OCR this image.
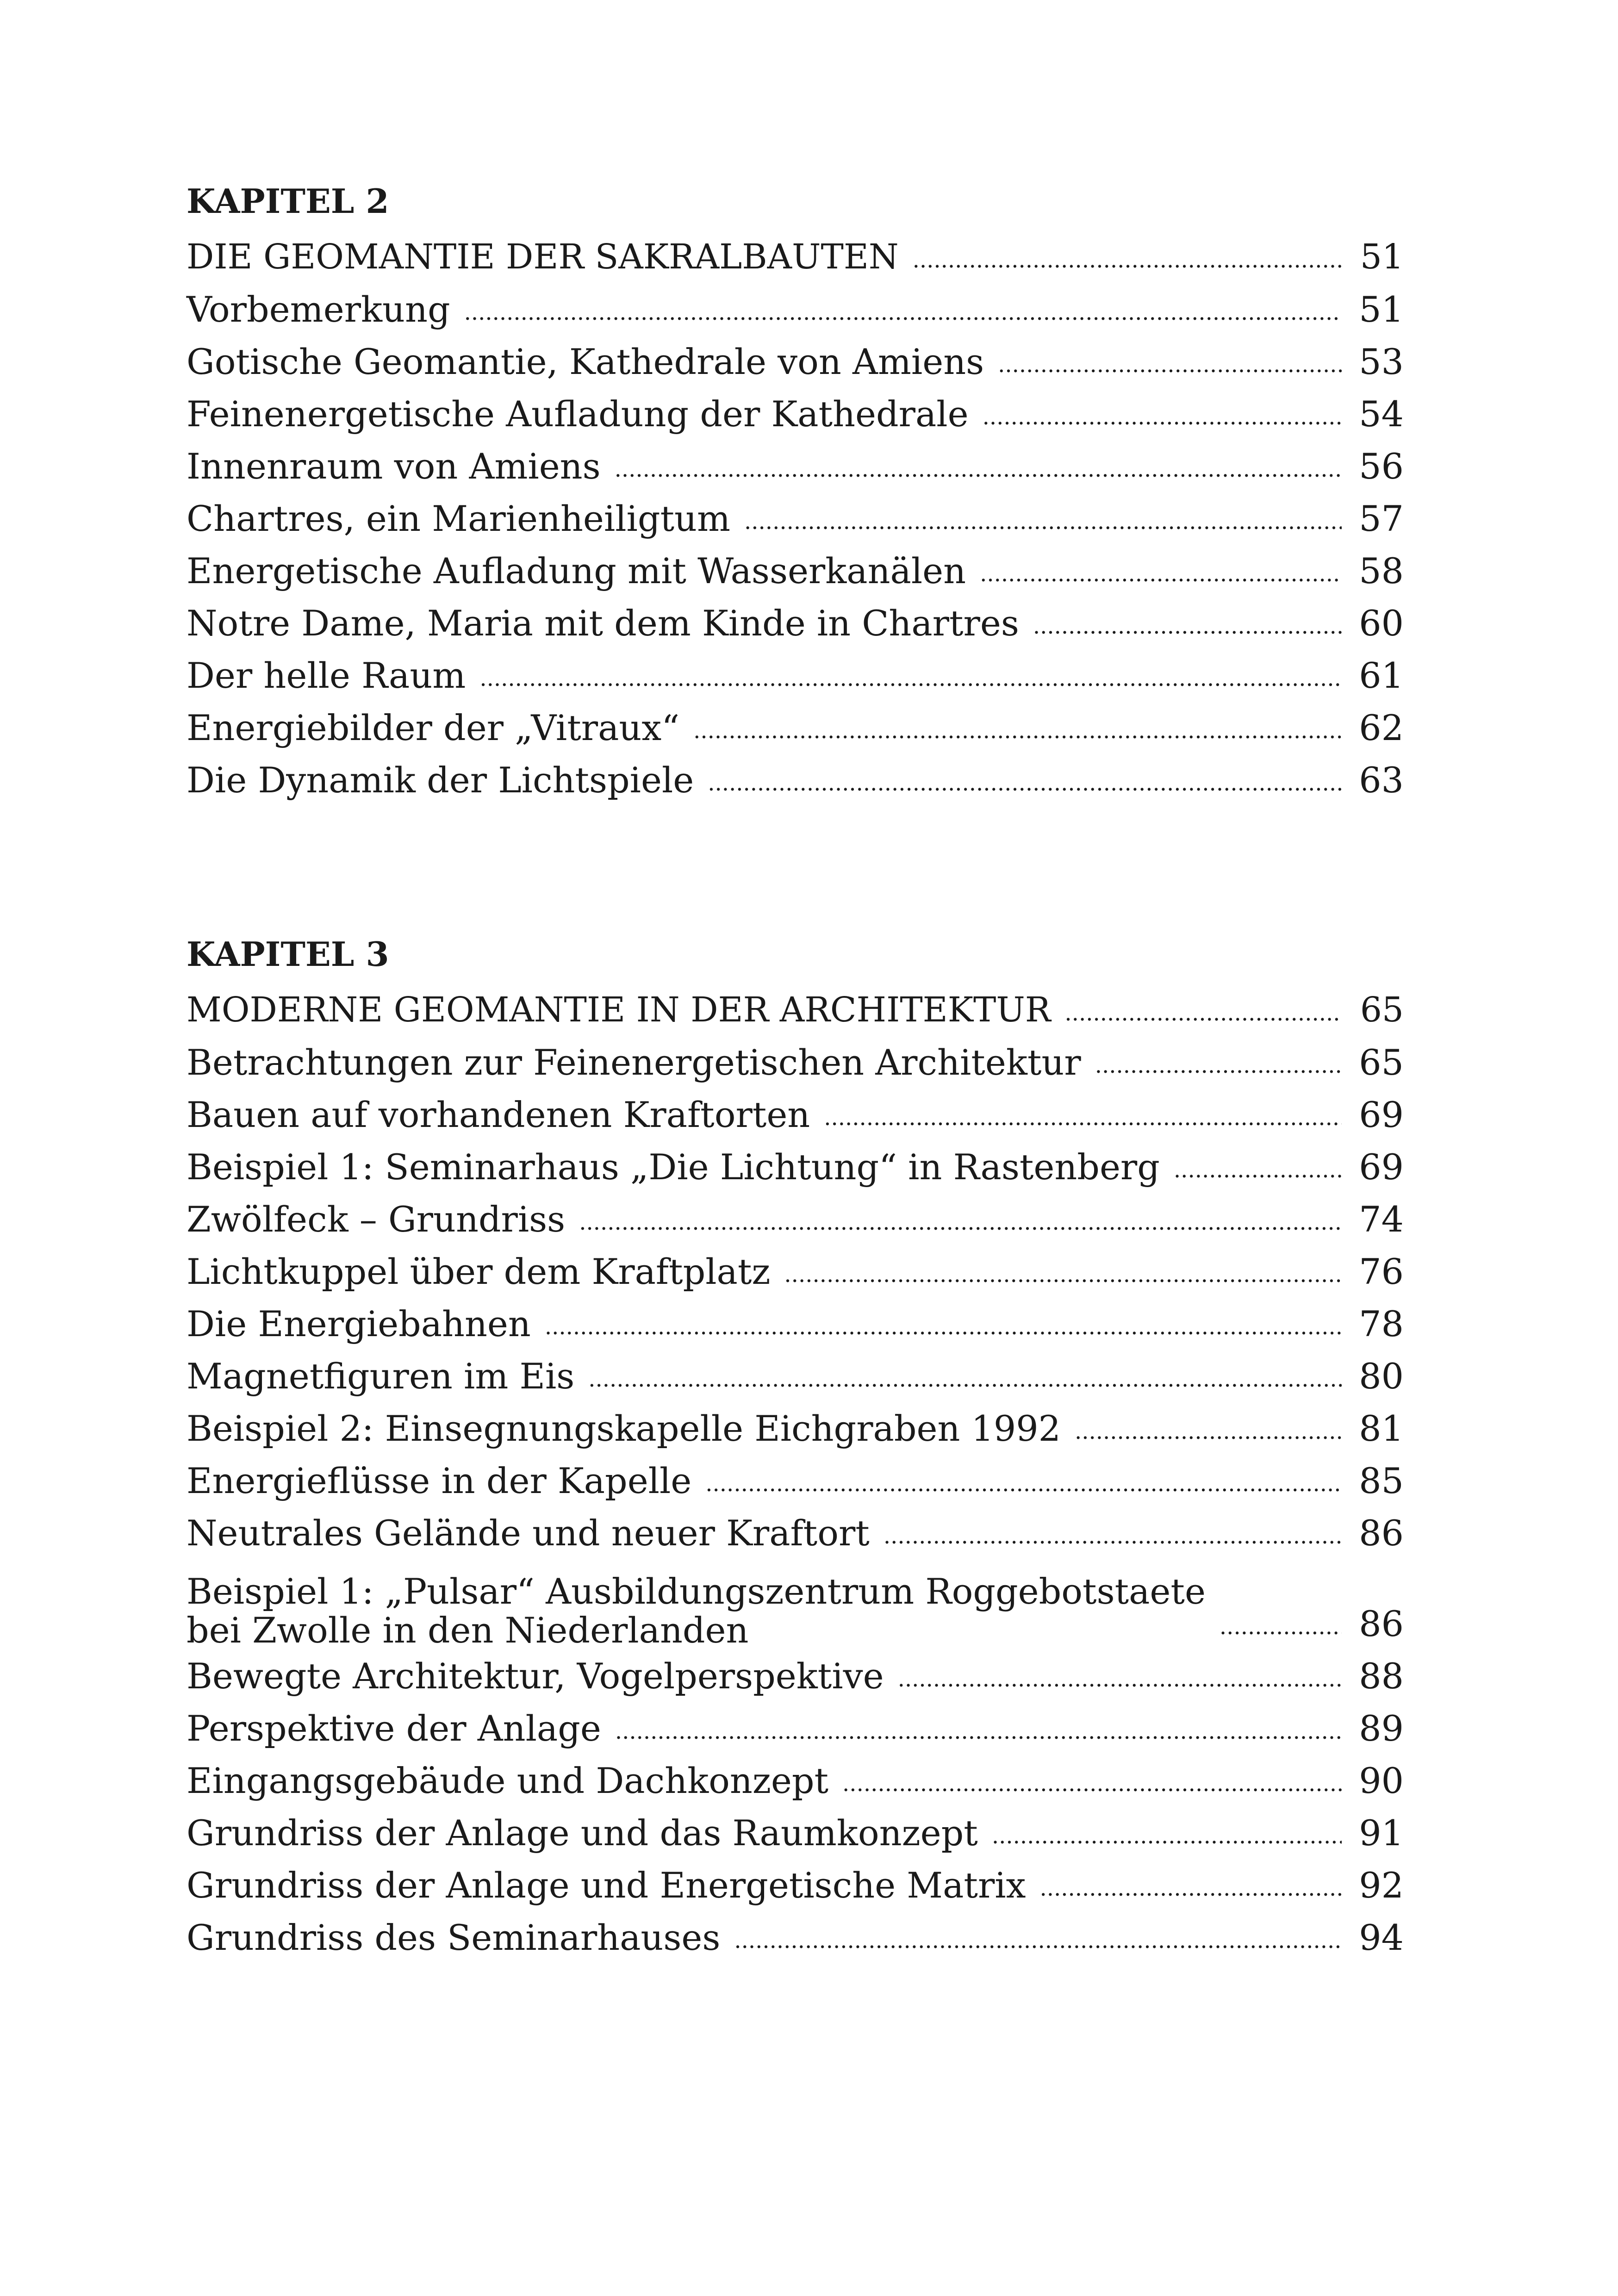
KAPITEL 2
DIE GEOMANTIE DER SAKRALBAUTEN .....	51
Vorbemerkung .....	51
Gotische Geomantie, Kathedrale von Amiens .....	53
Feinenergetische Aufladung der Kathedrale .....	54
Innenraum von Amiens .....	56
Chartres, ein Marienheiligtum .....	57
Energetische Aufladung mit Wasserkanälen .....	58
Notre Dame, Maria mit dem Kinde in Chartres .....	60
Der helle Raum .....	61
Energiebilder der „Vitraux“ .....	62
Die Dynamik der Lichtspiele .....	63
KAPITEL 3
MODERNE GEOMANTIE IN DER ARCHITEKTUR .....	65
Betrachtungen zur Feinenergetischen Architektur .....	65
Bauen auf vorhandenen Kraftorten .....	69
Beispiel 1: Seminarhaus „Die Lichtung“ in Rastenberg .....	69
Zwölfeck – Grundriss .....	74
Lichtkuppel über dem Kraftplatz .....	76
Die Energiebahnen .....	78
Magnetfiguren im Eis .....	80
Beispiel 2: Einsegnungskapelle Eichgraben 1992 .....	81
Energieflüsse in der Kapelle .....	85
Neutrales Gelände und neuer Kraftort .....	86
Beispiel 1: „Pulsar“ Ausbildungszentrum Roggebotstaete
bei Zwolle in den Niederlanden .....	86
Bewegte Architektur, Vogelperspektive .....	88
Perspektive der Anlage .....	89
Eingangsgebäude und Dachkonzept .....	90
Grundriss der Anlage und das Raumkonzept .....	91
Grundriss der Anlage und Energetische Matrix .....	92
Grundriss des Seminarhauses .....	94
